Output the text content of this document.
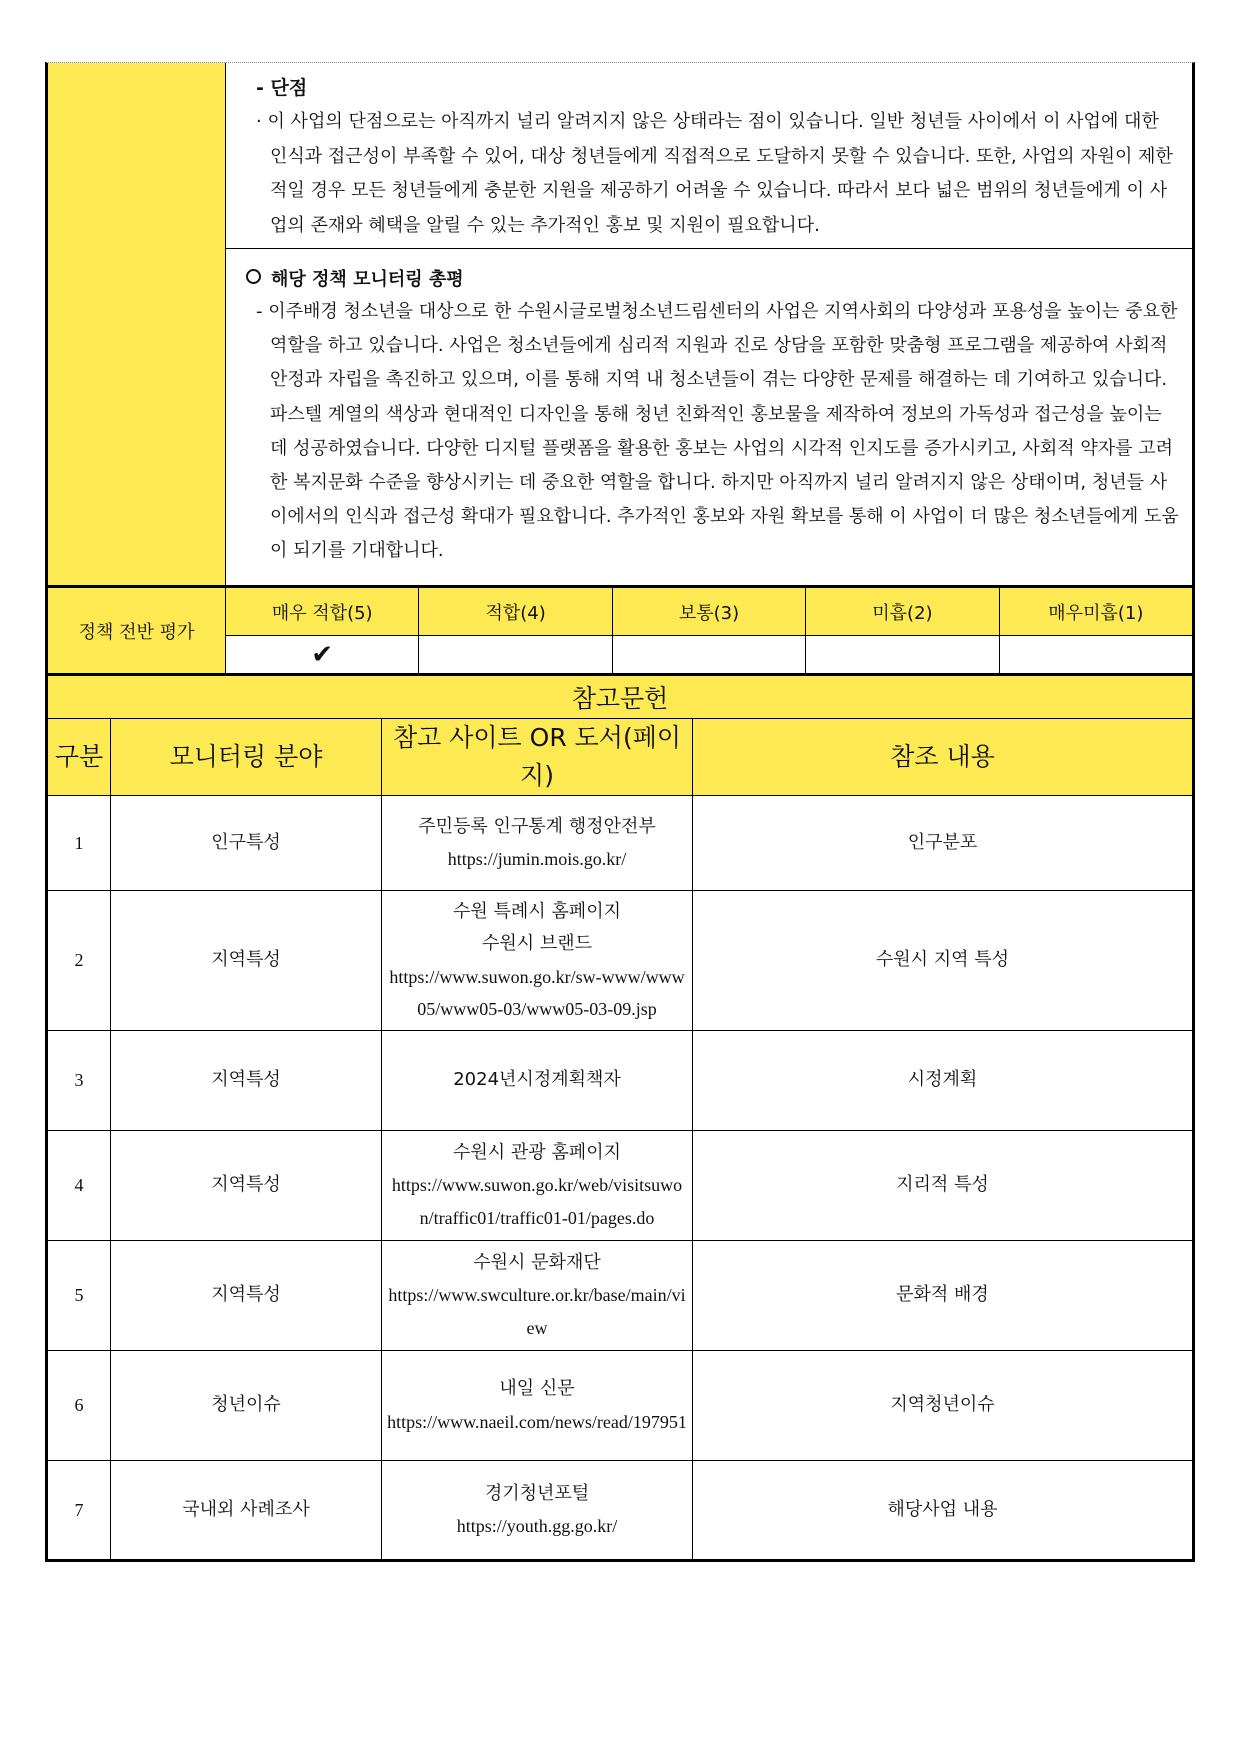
- 단점
· 이 사업의 단점으로는 아직까지 널리 알려지지 않은 상태라는 점이 있습니다. 일반 청년들 사이에서 이 사업에 대한 인식과 접근성이 부족할 수 있어, 대상 청년들에게 직접적으로 도달하지 못할 수 있습니다. 또한, 사업의 자원이 제한적일 경우 모든 청년들에게 충분한 지원을 제공하기 어려울 수 있습니다. 따라서 보다 넓은 범위의 청년들에게 이 사업의 존재와 혜택을 알릴 수 있는 추가적인 홍보 및 지원이 필요합니다.
해당 정책 모니터링 총평
- 이주배경 청소년을 대상으로 한 수원시글로벌청소년드림센터의 사업은 지역사회의 다양성과 포용성을 높이는 중요한 역할을 하고 있습니다. 사업은 청소년들에게 심리적 지원과 진로 상담을 포함한 맞춤형 프로그램을 제공하여 사회적 안정과 자립을 촉진하고 있으며, 이를 통해 지역 내 청소년들이 겪는 다양한 문제를 해결하는 데 기여하고 있습니다. 파스텔 계열의 색상과 현대적인 디자인을 통해 청년 친화적인 홍보물을 제작하여 정보의 가독성과 접근성을 높이는 데 성공하였습니다. 다양한 디지털 플랫폼을 활용한 홍보는 사업의 시각적 인지도를 증가시키고, 사회적 약자를 고려한 복지문화 수준을 향상시키는 데 중요한 역할을 합니다. 하지만 아직까지 널리 알려지지 않은 상태이며, 청년들 사이에서의 인식과 접근성 확대가 필요합니다. 추가적인 홍보와 자원 확보를 통해 이 사업이 더 많은 청소년들에게 도움이 되기를 기대합니다.
정책 전반 평가
매우 적합(5)	적합(4)	보통(3)	미흡(2)	매우미흡(1)
✔
참고문헌			
구분	모니터링 분야	참고 사이트 OR 도서(페이지)	참조 내용
1	인구특성	주민등록 인구통계 행정안전부
https://jumin.mois.go.kr/	인구분포
2	지역특성	수원 특례시 홈페이지
수원시 브랜드
https://www.suwon.go.kr/sw-www/www05/www05-03/www05-03-09.jsp	수원시 지역 특성
3	지역특성	2024년시정계획책자	시정계획
4	지역특성	수원시 관광 홈페이지
https://www.suwon.go.kr/web/visitsuwon/traffic01/traffic01-01/pages.do	지리적 특성
5	지역특성	수원시 문화재단
https://www.swculture.or.kr/base/main/view	문화적 배경
6	청년이슈	내일 신문
https://www.naeil.com/news/read/197951	지역청년이슈
7	국내외 사례조사	경기청년포털
https://youth.gg.go.kr/	해당사업 내용
